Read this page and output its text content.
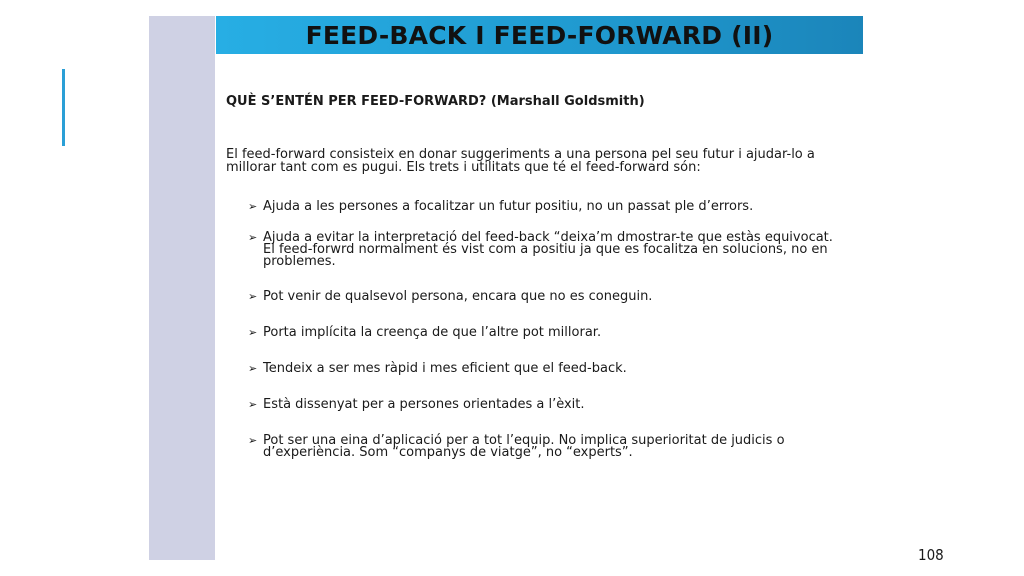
FEED-BACK I FEED-FORWARD (II)
QUÈ S’ENTÉN PER FEED-FORWARD? (Marshall Goldsmith)
El feed-forward consisteix en donar suggeriments a una persona pel seu futur i ajudar-lo a millorar tant com es pugui. Els trets i utilitats que té el feed-forward són:
➢ Ajuda a les persones a focalitzar un futur positiu, no un passat ple d’errors.
➢ Ajuda a evitar la interpretació del feed-back “deixa’m dmostrar-te que estàs equivocat. El feed-forwrd normalment és vist com a positiu ja que es focalitza en solucions, no en problemes.
➢ Pot venir de qualsevol persona, encara que no es coneguin.
➢ Porta implícita la creença de que l’altre pot millorar.
➢ Tendeix a ser mes ràpid i mes eficient que el feed-back.
➢ Està dissenyat per a persones orientades a l’èxit.
➢ Pot ser una eina d’aplicació per a tot l’equip. No implica superioritat de judicis o d’experiència. Som “companys de viatge”, no “experts”.
108
